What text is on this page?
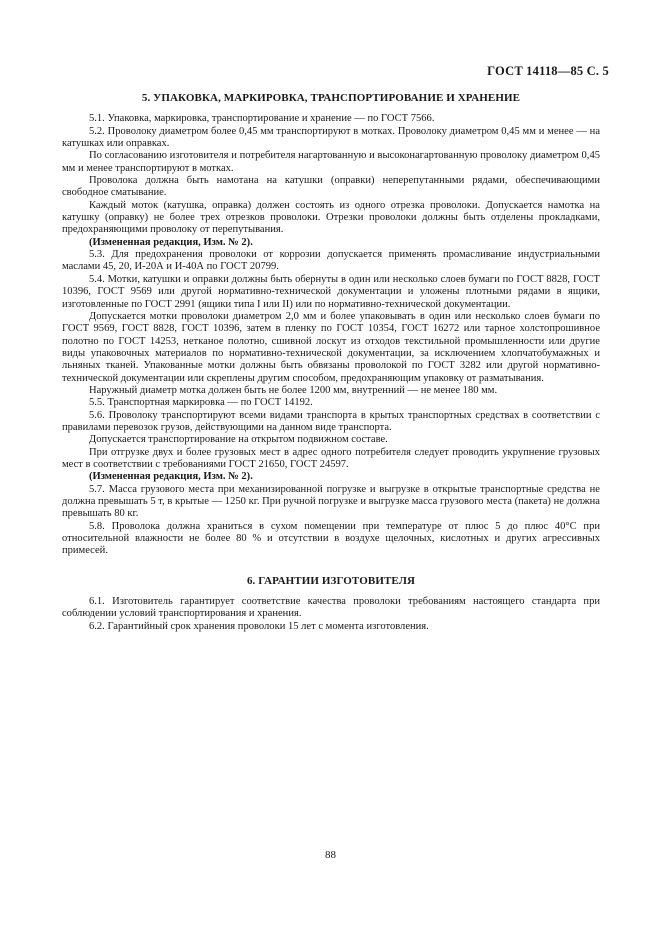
ГОСТ 14118—85 С. 5
5. УПАКОВКА, МАРКИРОВКА, ТРАНСПОРТИРОВАНИЕ И ХРАНЕНИЕ

5.1. Упаковка, маркировка, транспортирование и хранение — по ГОСТ 7566.

5.2. Проволоку диаметром более 0,45 мм транспортируют в мотках. Проволоку диаметром 0,45 мм и менее — на катушках или оправках.

По согласованию изготовителя и потребителя нагартованную и высоконагартованную проволоку диаметром 0,45 мм и менее транспортируют в мотках.

Проволока должна быть намотана на катушки (оправки) неперепутанными рядами, обеспечивающими свободное сматывание.

Каждый моток (катушка, оправка) должен состоять из одного отрезка проволоки. Допускается намотка на катушку (оправку) не более трех отрезков проволоки. Отрезки проволоки должны быть отделены прокладками, предохраняющими проволоку от перепутывания.

(Измененная редакция, Изм. № 2).

5.3. Для предохранения проволоки от коррозии допускается применять промасливание индустриальными маслами 45, 20, И-20А и И-40А по ГОСТ 20799.

5.4. Мотки, катушки и оправки должны быть обернуты в один или несколько слоев бумаги по ГОСТ 8828, ГОСТ 10396, ГОСТ 9569 или другой нормативно-технической документации и уложены плотными рядами в ящики, изготовленные по ГОСТ 2991 (ящики типа I или II) или по нормативно-технической документации.

Допускается мотки проволоки диаметром 2,0 мм и более упаковывать в один или несколько слоев бумаги по ГОСТ 9569, ГОСТ 8828, ГОСТ 10396, затем в пленку по ГОСТ 10354, ГОСТ 16272 или тарное холстопрошивное полотно по ГОСТ 14253, нетканое полотно, сшивной лоскут из отходов текстильной промышленности или другие виды упаковочных материалов по нормативно-технической документации, за исключением хлопчатобумажных и льняных тканей. Упакованные мотки должны быть обвязаны проволокой по ГОСТ 3282 или другой нормативно-технической документации или скреплены другим способом, предохраняющим упаковку от разматывания.

Наружный диаметр мотка должен быть не более 1200 мм, внутренний — не менее 180 мм.

5.5. Транспортная маркировка — по ГОСТ 14192.

5.6. Проволоку транспортируют всеми видами транспорта в крытых транспортных средствах в соответствии с правилами перевозок грузов, действующими на данном виде транспорта.

Допускается транспортирование на открытом подвижном составе.

При отгрузке двух и более грузовых мест в адрес одного потребителя следует проводить укрупнение грузовых мест в соответствии с требованиями ГОСТ 21650, ГОСТ 24597.

(Измененная редакция, Изм. № 2).

5.7. Масса грузового места при механизированной погрузке и выгрузке в открытые транспортные средства не должна превышать 5 т, в крытые — 1250 кг. При ручной погрузке и выгрузке масса грузового места (пакета) не должна превышать 80 кг.

5.8. Проволока должна храниться в сухом помещении при температуре от плюс 5 до плюс 40°С при относительной влажности не более 80 % и отсутствии в воздухе щелочных, кислотных и других агрессивных примесей.

6. ГАРАНТИИ ИЗГОТОВИТЕЛЯ

6.1. Изготовитель гарантирует соответствие качества проволоки требованиям настоящего стандарта при соблюдении условий транспортирования и хранения.

6.2. Гарантийный срок хранения проволоки 15 лет с момента изготовления.

88
